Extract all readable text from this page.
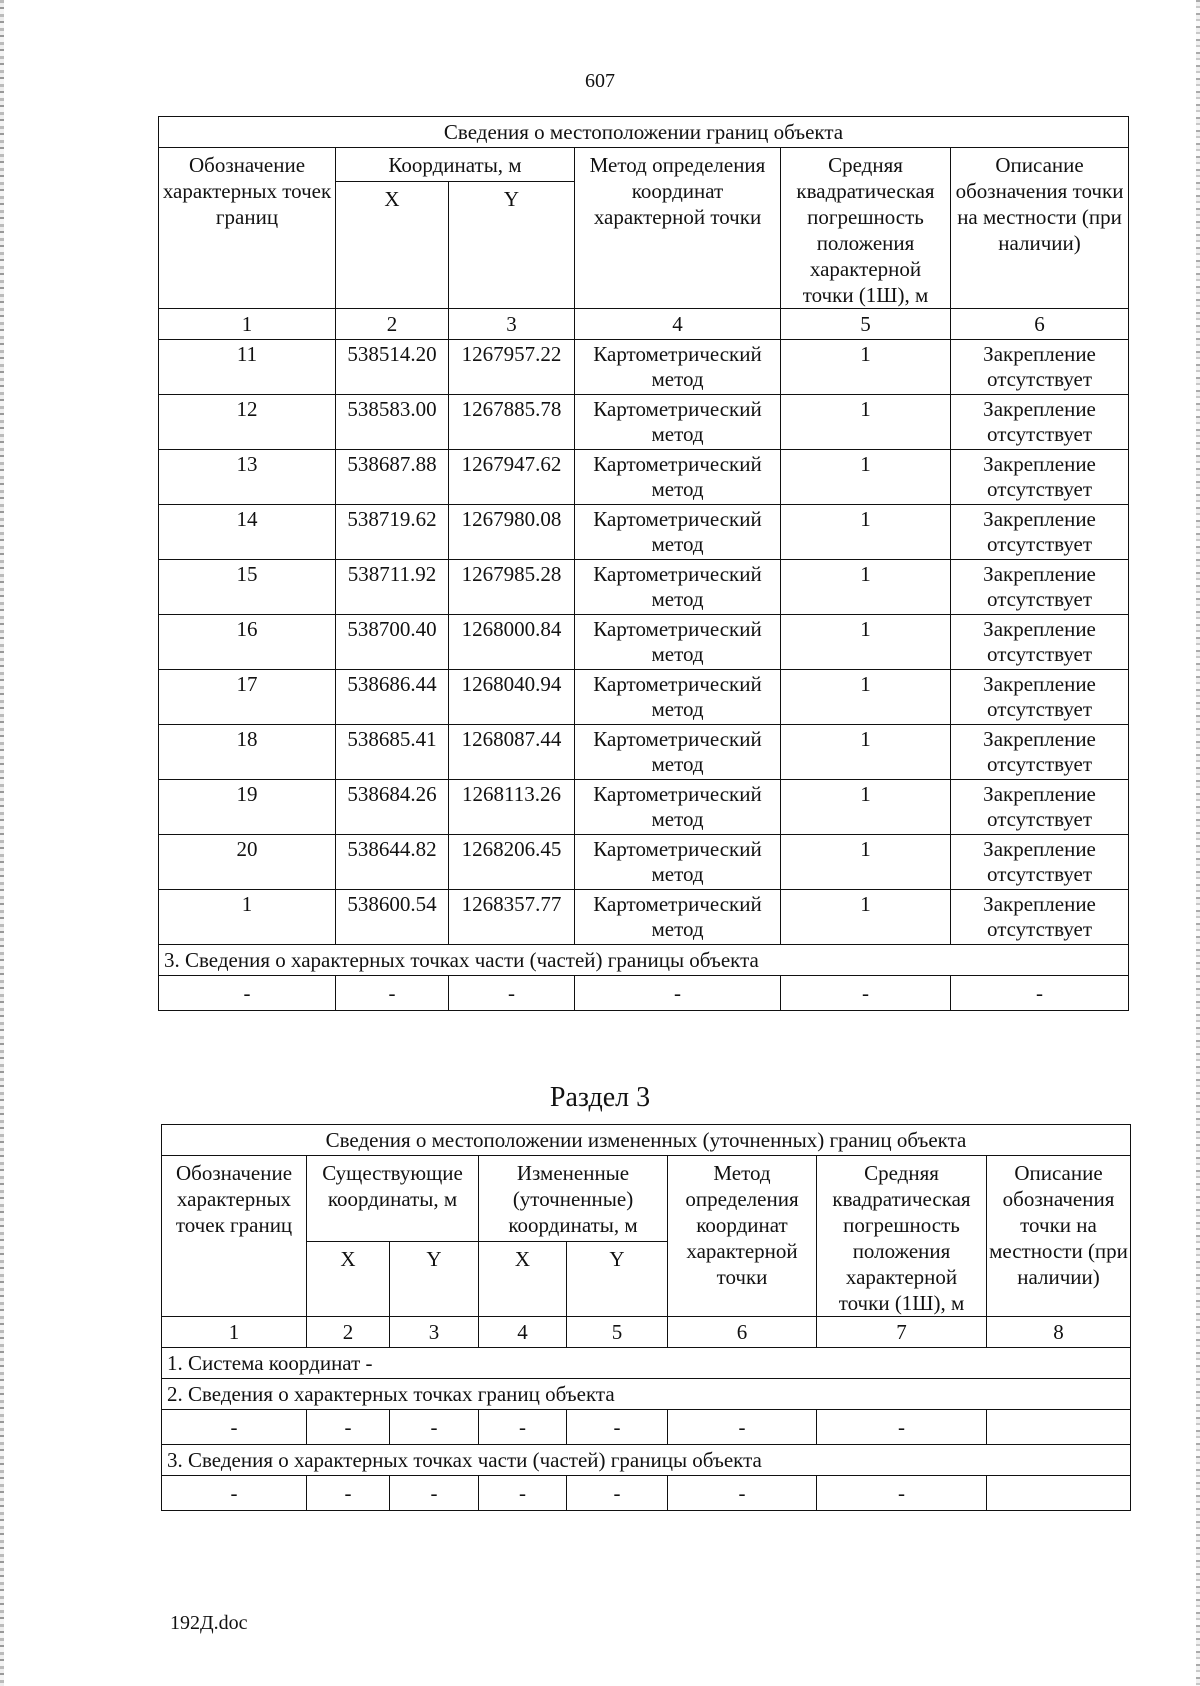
607
Сведения о местоположении границ объекта					
Обозначение характерных точек границ	Координаты, м		Метод определения координат характерной точки	Средняя квадратическая погрешность положения характерной точки (1Ш), м	Описание обозначения точки на местности (при наличии)
	X	Y			
1	2	3	4	5	6
11	538514.20	1267957.22	Картометрический метод	1	Закрепление отсутствует
12	538583.00	1267885.78	Картометрический метод	1	Закрепление отсутствует
13	538687.88	1267947.62	Картометрический метод	1	Закрепление отсутствует
14	538719.62	1267980.08	Картометрический метод	1	Закрепление отсутствует
15	538711.92	1267985.28	Картометрический метод	1	Закрепление отсутствует
16	538700.40	1268000.84	Картометрический метод	1	Закрепление отсутствует
17	538686.44	1268040.94	Картометрический метод	1	Закрепление отсутствует
18	538685.41	1268087.44	Картометрический метод	1	Закрепление отсутствует
19	538684.26	1268113.26	Картометрический метод	1	Закрепление отсутствует
20	538644.82	1268206.45	Картометрический метод	1	Закрепление отсутствует
1	538600.54	1268357.77	Картометрический метод	1	Закрепление отсутствует
3. Сведения о характерных точках части (частей) границы объекта					
-	-	-	-	-	-
Раздел 3
Сведения о местоположении измененных (уточненных) границ объекта							
Обозначение характерных точек границ	Существующие координаты, м		Измененные (уточненные) координаты, м		Метод определения координат характерной точки	Средняя квадратическая погрешность положения характерной точки (1Ш), м	Описание обозначения точки на местности (при наличии)
	X	Y	X	Y			
1	2	3	4	5	6	7	8
1. Система координат -							
2. Сведения о характерных точках границ объекта							
-	-	-	-	-	-	-	
3. Сведения о характерных точках части (частей) границы объекта							
-	-	-	-	-	-	-	
192Д.doc
